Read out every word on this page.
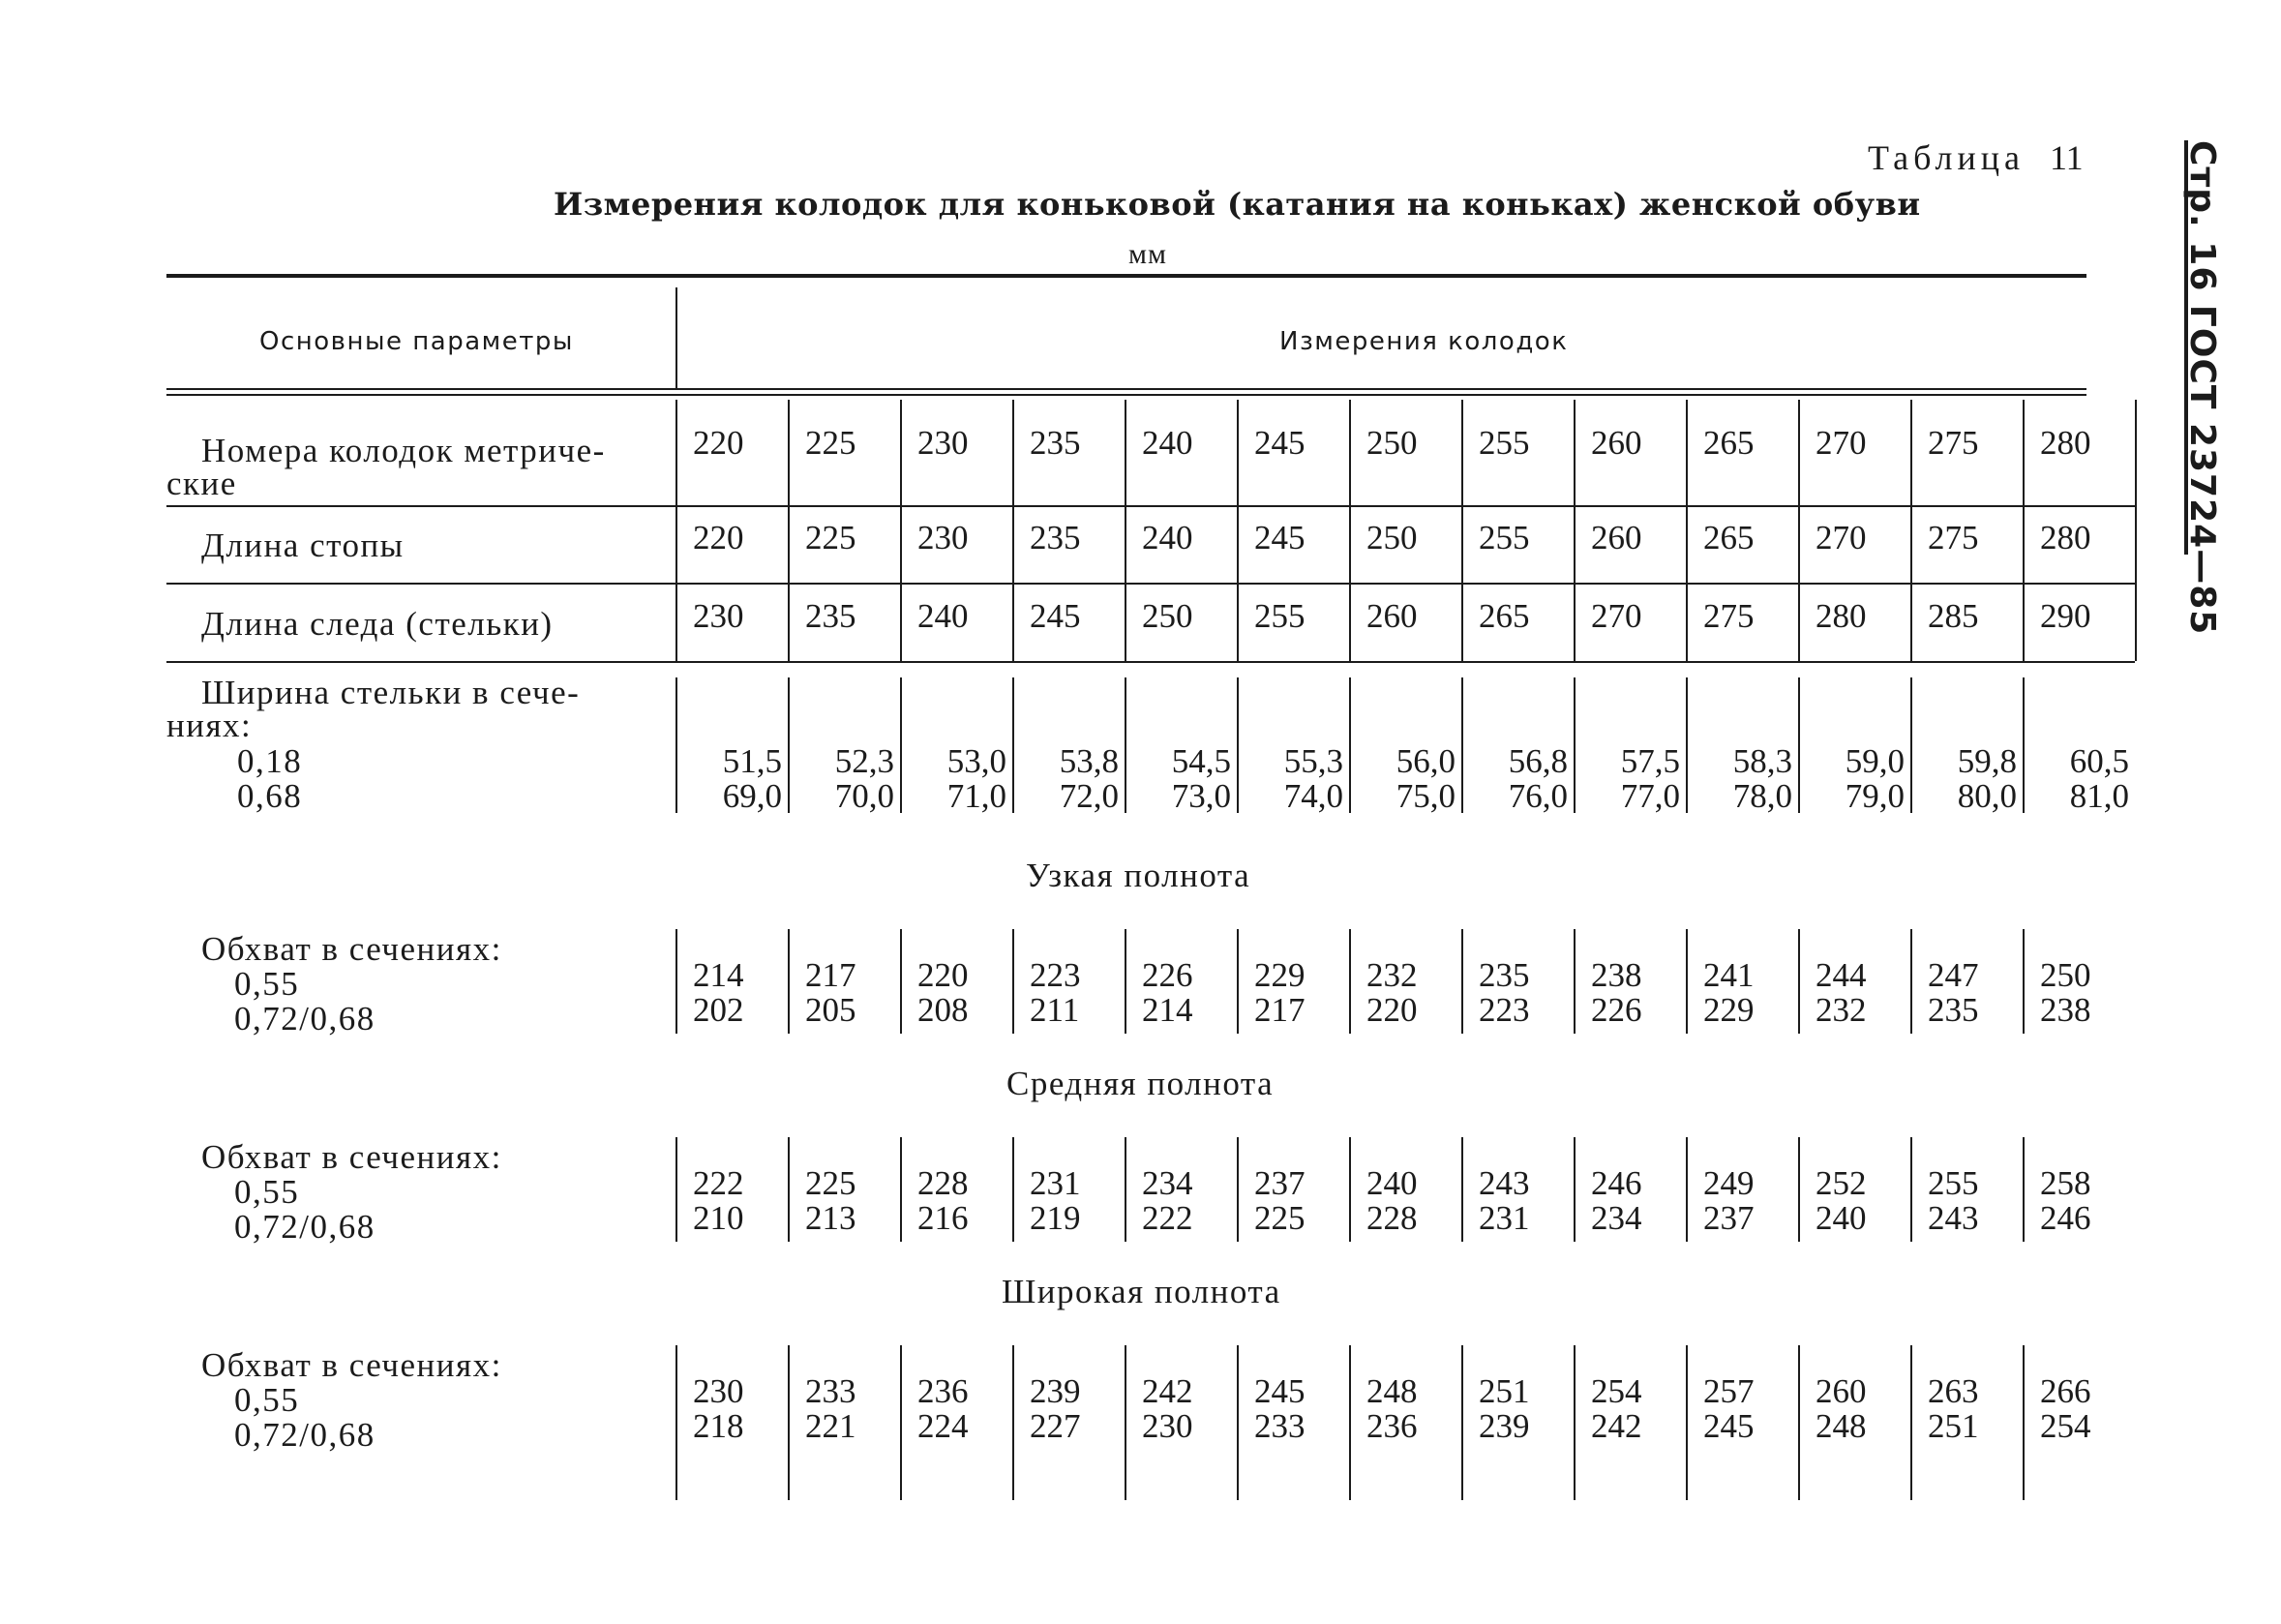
Таблица 11
Измерения колодок для коньковой (катания на коньках) женской обуви
мм	Стр. 16 ГОСТ 23724—85
Основные параметры	Измерения колодок
Номера колодок метриче-
ские
Длина стопы
Длина следа (стельки)
Ширина стельки в сече-
ниях:
0,18
0,68
Узкая полнота
Обхват в сечениях:
0,55
0,72/0,68
Средняя полнота
Обхват в сечениях:
0,55
0,72/0,68
Широкая полнота
Обхват в сечениях:
0,55
0,72/0,68
220 225 230 235 240 245 250 255 260 265 270 275 280
220 225 230 235 240 245 250 255 260 265 270 275 280
230 235 240 245 250 255 260 265 270 275 280 285 290
51,5
69,0
52,3
70,0
53,0
71,0
53,8
72,0
54,5
73,0
55,3
74,0
56,0
75,0
56,8
76,0
57,5
77,0
58,3
78,0
59,0
79,0
59,8
80,0
60,5
81,0
214
202
217
205
220
208
223
211
226
214
229
217
232
220
235
223
238
226
241
229
244
232
247
235
250
238
222
210
225
213
228
216
231
219
234
222
237
225
240
228
243
231
246
234
249
237
252
240
255
243
258
246
230
218
233
221
236
224
239
227
242
230
245
233
248
236
251
239
254
242
257
245
260
248
263
251
266
254
